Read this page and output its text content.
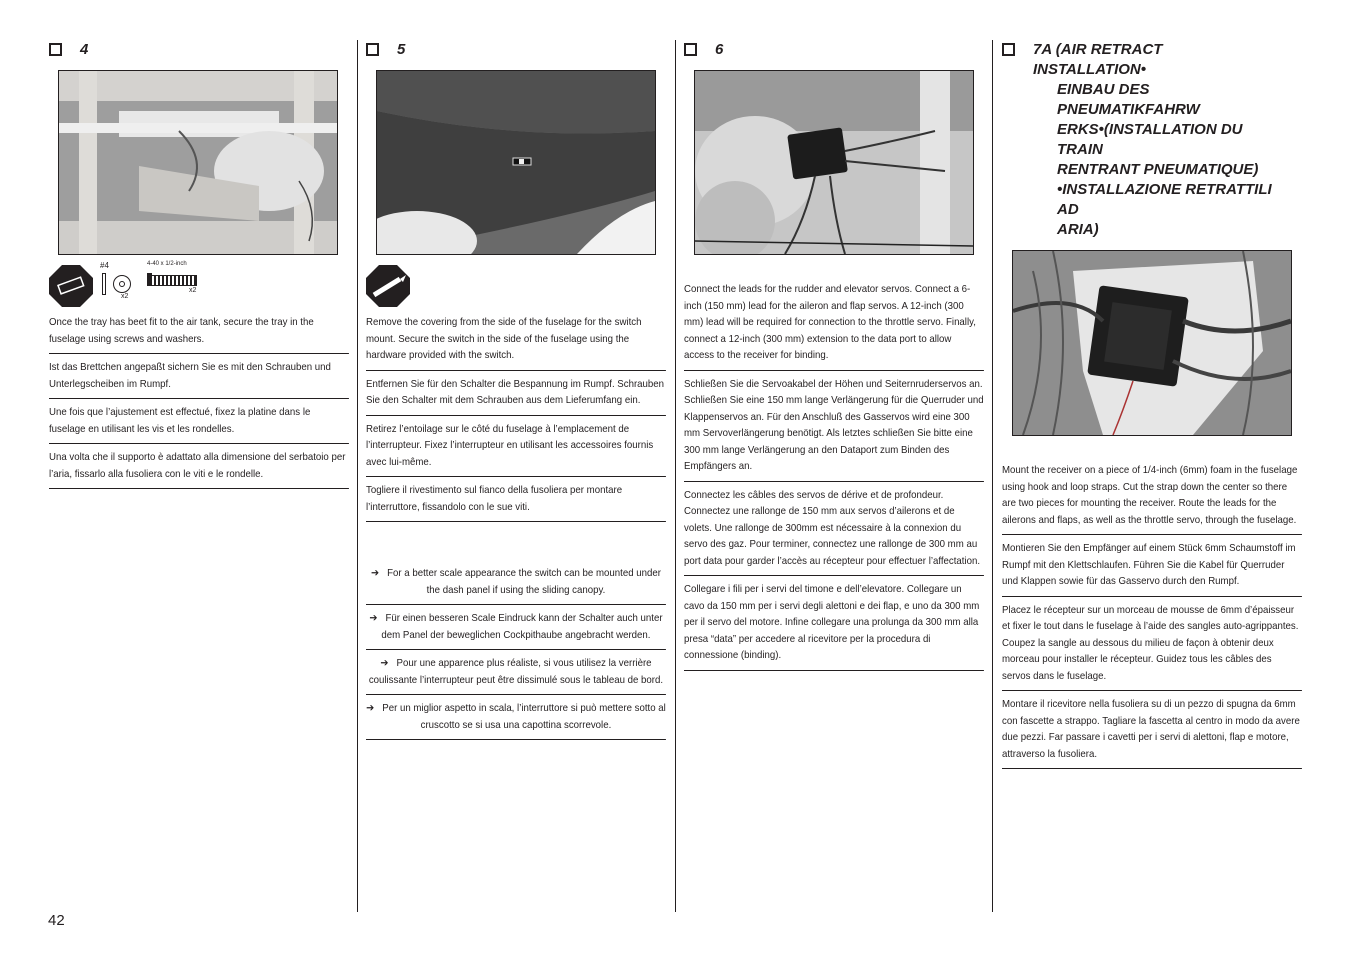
4
#4
x2
4-40 x 1/2-inch
x2
Once the tray has beet fit to the air tank, secure the tray in the fuselage using screws and washers.
Ist das Brettchen angepaßt sichern Sie es mit den Schrauben und Unterlegscheiben im Rumpf.
Une fois que l’ajustement est effectué, fixez la platine dans le fuselage en utilisant les vis et les rondelles.
Una volta che il supporto è adattato alla dimensione del serbatoio per l’aria, fissarlo alla fusoliera con le viti e le rondelle.
5
Remove the covering from the side of the fuselage for the switch mount. Secure the switch in the side of the fuselage using the hardware provided with the switch.
Entfernen Sie für den Schalter die Bespannung im Rumpf. Schrauben Sie den Schalter mit dem Schrauben aus dem Lieferumfang ein.
Retirez l’entoilage sur le côté du fuselage à l’emplacement de l’interrupteur. Fixez l’interrupteur en utilisant les accessoires fournis avec lui-même.
Togliere il rivestimento sul fianco della fusoliera per montare l’interruttore, fissandolo con le sue viti.
➔   For a better scale appearance the switch can be mounted under the dash panel if using the sliding canopy.
➔   Für einen besseren Scale Eindruck kann der Schalter auch unter dem Panel der beweglichen Cockpithaube angebracht werden.
➔   Pour une apparence plus réaliste, si vous utilisez la verrière coulissante l’interrupteur peut être dissimulé sous le tableau de bord.
➔   Per un miglior aspetto in scala, l’interruttore si può mettere sotto al cruscotto se si usa una capottina scorrevole.
6
Connect the leads for the rudder and elevator servos. Connect a 6-inch (150 mm) lead for the aileron and flap servos. A 12-inch (300 mm) lead will be required for connection to the throttle servo. Finally, connect a 12-inch (300 mm) extension to the data port to allow access to the receiver for binding.
Schließen Sie die Servoakabel der Höhen und Seiternruderservos an. Schließen Sie eine 150 mm lange Verlängerung für die Querruder und Klappenservos an. Für den Anschluß des Gasservos wird eine 300 mm Servoverlängerung benötigt. Als letztes schließen Sie bitte eine 300 mm lange Verlängerung an den Dataport zum Binden des Empfängers an.
Connectez les câbles des servos de dérive et de profondeur. Connectez une rallonge de 150 mm aux servos d’ailerons et de volets. Une rallonge de 300mm est nécessaire à la connexion du servo des gaz. Pour terminer, connectez une rallonge de 300 mm au port data pour garder l’accès au récepteur pour effectuer l’affectation.
Collegare i fili per i servi del timone e dell’elevatore. Collegare un cavo da 150 mm per i servi degli alettoni e dei flap, e uno da 300 mm per il servo del motore. Infine collegare una prolunga da 300 mm alla presa “data” per accedere al ricevitore per la procedura di connessione (binding).
7A (AIR RETRACT INSTALLATION•
EINBAU DES PNEUMATIKFAHRW
ERKS•(INSTALLATION DU TRAIN
RENTRANT PNEUMATIQUE)
•INSTALLAZIONE RETRATTILI AD
ARIA)
Mount the receiver on a piece of 1/4-inch (6mm) foam in the fuselage using hook and loop straps. Cut the strap down the center so there are two pieces for mounting the receiver. Route the leads for the ailerons and flaps, as well as the throttle servo, through the fuselage.
Montieren Sie den Empfänger auf einem Stück 6mm Schaumstoff im Rumpf mit den Klettschlaufen. Führen Sie die Kabel für Querruder und Klappen sowie für das Gasservo durch den Rumpf.
Placez le récepteur sur un morceau de mousse de 6mm d’épaisseur et fixer le tout dans le fuselage à l’aide des sangles auto-agrippantes. Coupez la sangle au dessous du milieu de façon à obtenir deux morceau pour installer le récepteur. Guidez tous les câbles des servos dans le fuselage.
Montare il ricevitore nella fusoliera su di un pezzo di spugna da 6mm con fascette a strappo. Tagliare la fascetta al centro in modo da avere due pezzi. Far passare i cavetti per i servi di alettoni, flap e motore, attraverso la fusoliera.
42
